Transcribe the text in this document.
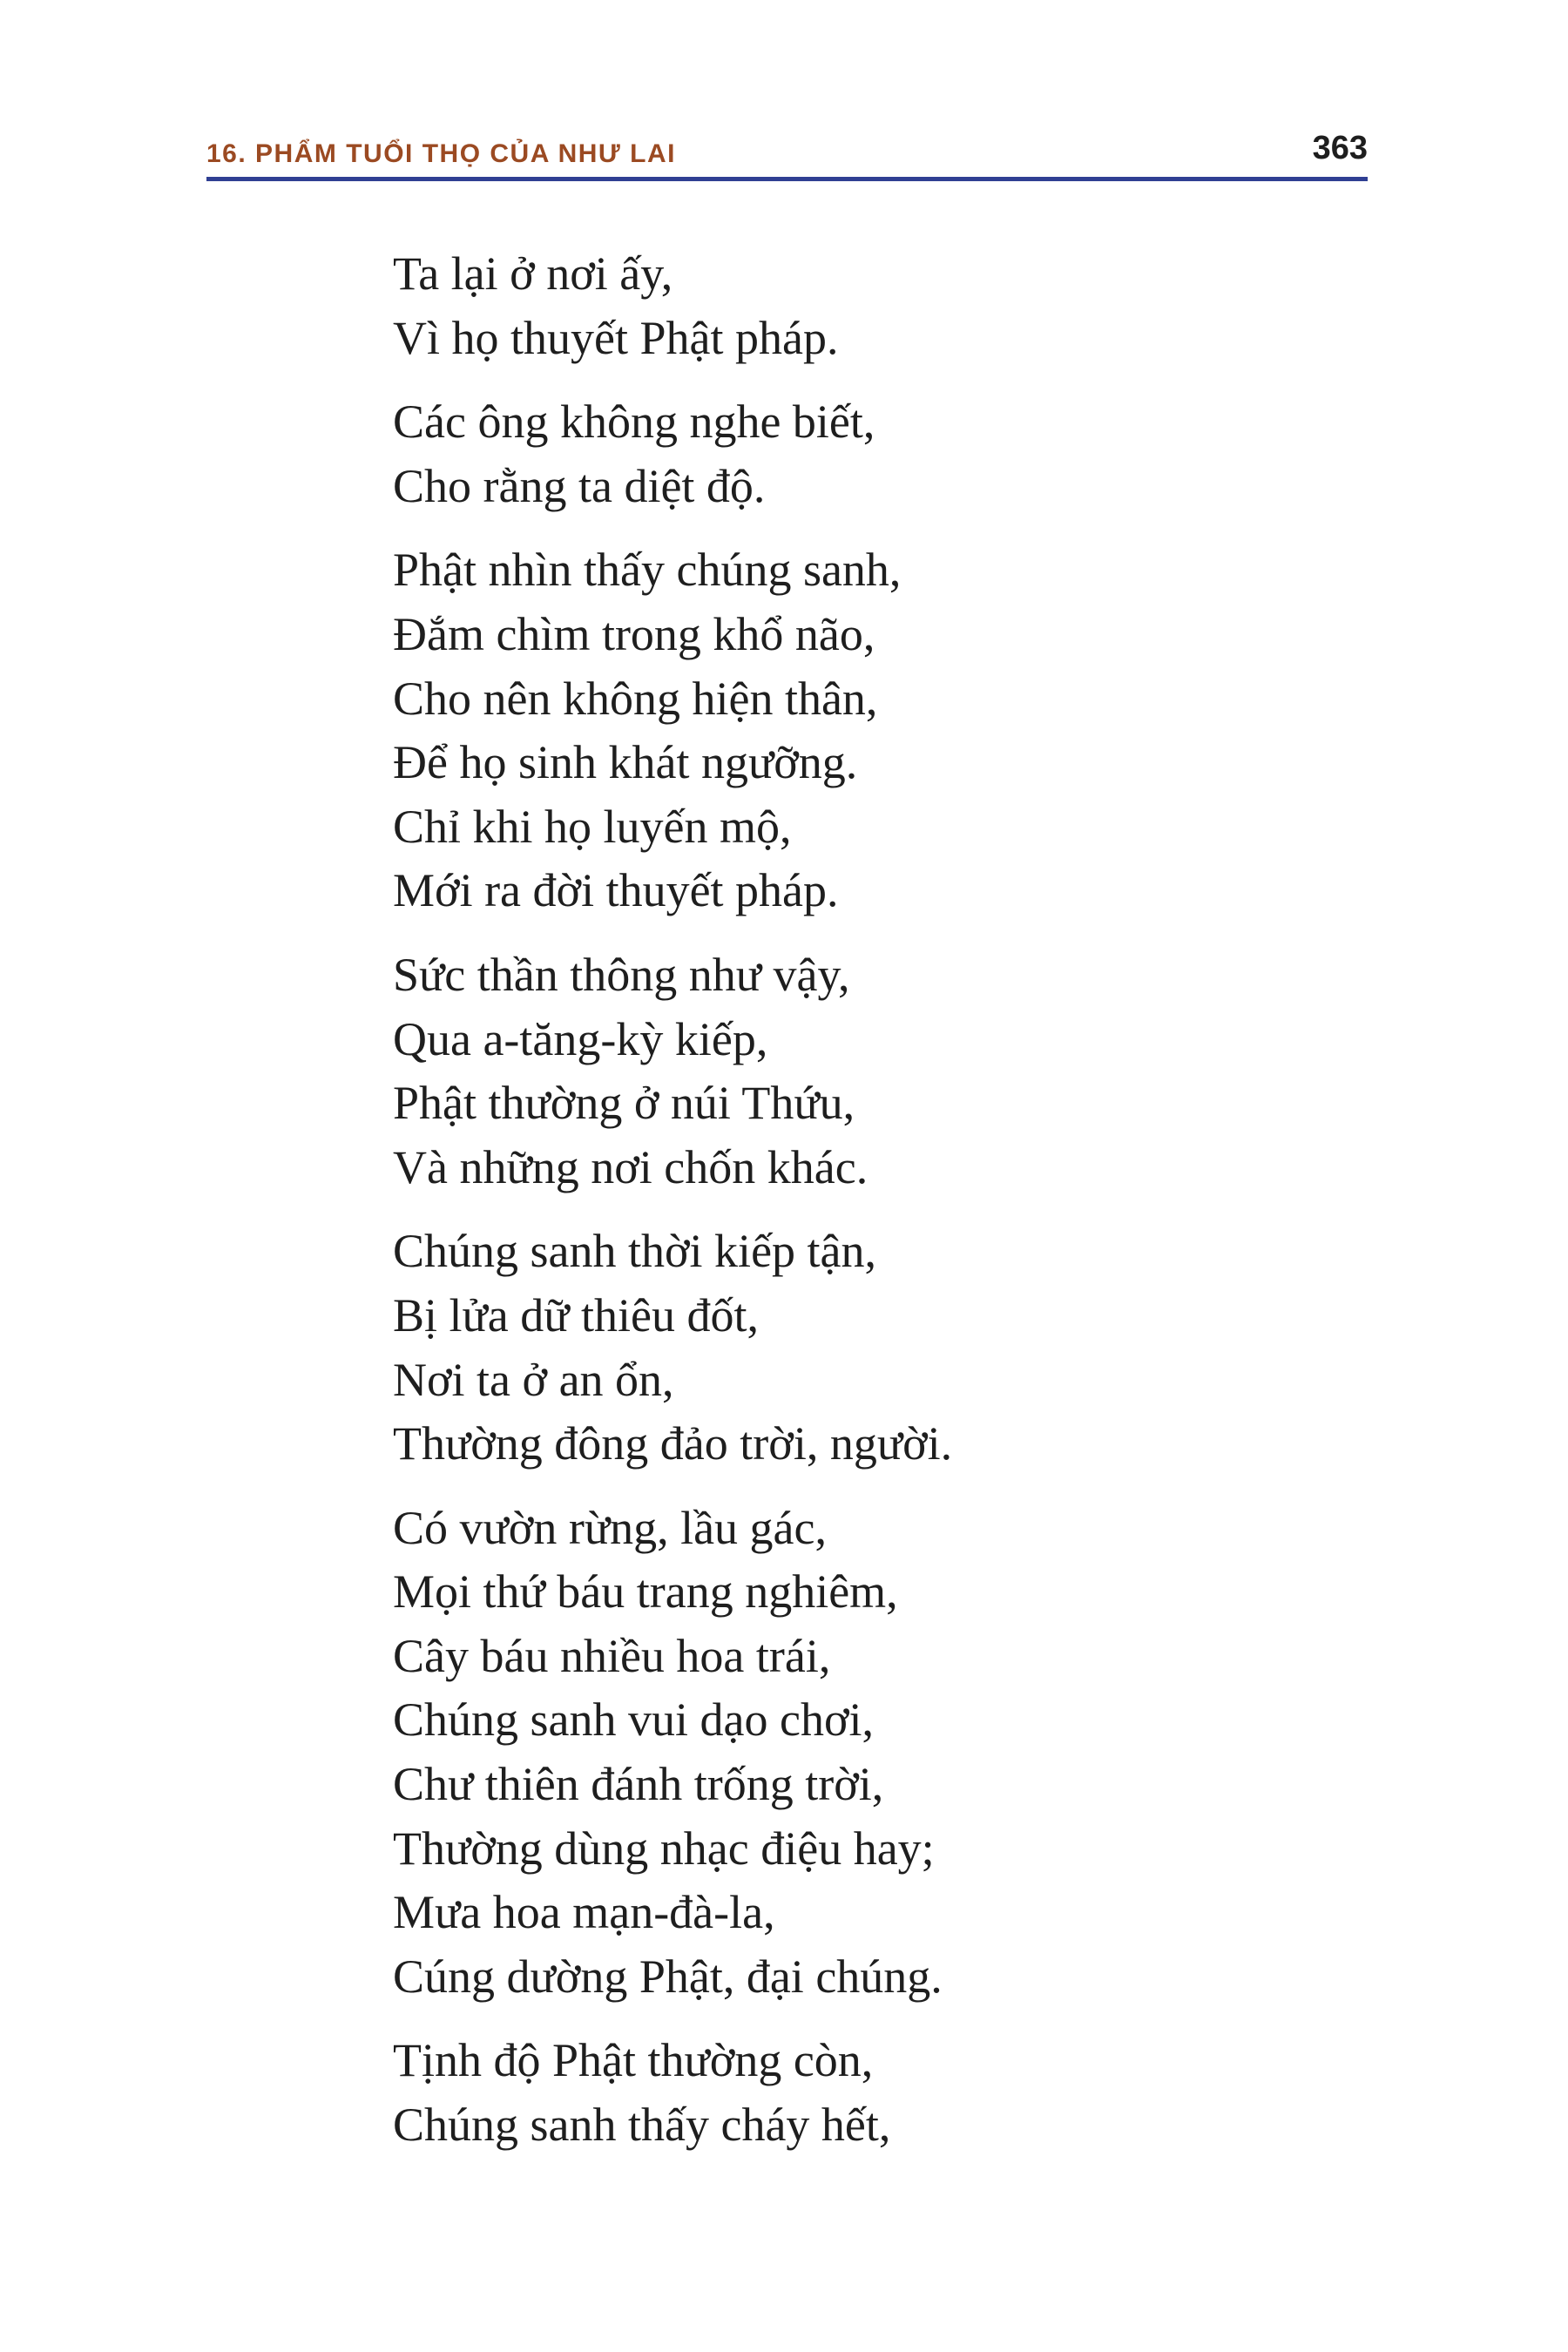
16. PHẨM TUỔI THỌ CỦA NHƯ LAI	363
Ta lại ở nơi ấy,
Vì họ thuyết Phật pháp.
Các ông không nghe biết,
Cho rằng ta diệt độ.
Phật nhìn thấy chúng sanh,
Đắm chìm trong khổ não,
Cho nên không hiện thân,
Để họ sinh khát ngưỡng.
Chỉ khi họ luyến mộ,
Mới ra đời thuyết pháp.
Sức thần thông như vậy,
Qua a-tăng-kỳ kiếp,
Phật thường ở núi Thứu,
Và những nơi chốn khác.
Chúng sanh thời kiếp tận,
Bị lửa dữ thiêu đốt,
Nơi ta ở an ổn,
Thường đông đảo trời, người.
Có vườn rừng, lầu gác,
Mọi thứ báu trang nghiêm,
Cây báu nhiều hoa trái,
Chúng sanh vui dạo chơi,
Chư thiên đánh trống trời,
Thường dùng nhạc điệu hay;
Mưa hoa mạn-đà-la,
Cúng dường Phật, đại chúng.
Tịnh độ Phật thường còn,
Chúng sanh thấy cháy hết,
